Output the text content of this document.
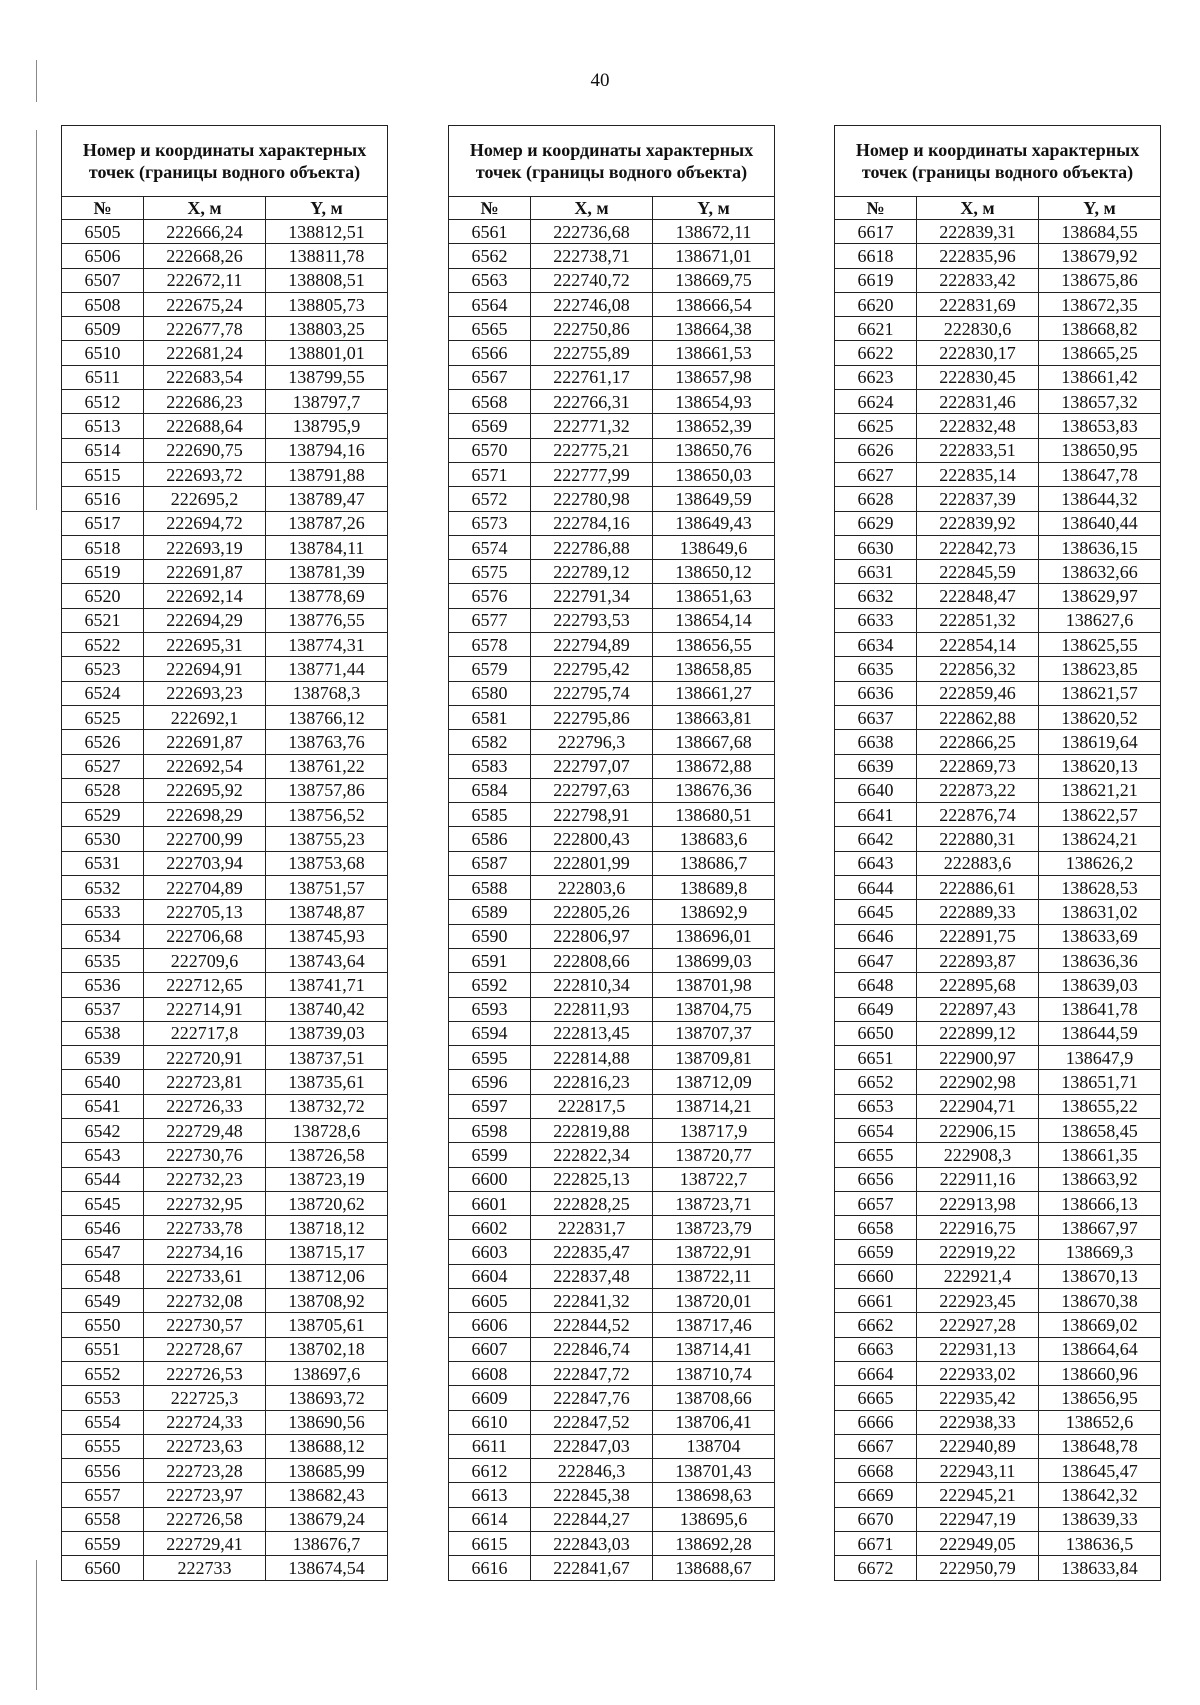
40
Номер и координаты характерных точек (границы водного объекта)		
№	X, м	Y, м
6505	222666,24	138812,51
6506	222668,26	138811,78
6507	222672,11	138808,51
6508	222675,24	138805,73
6509	222677,78	138803,25
6510	222681,24	138801,01
6511	222683,54	138799,55
6512	222686,23	138797,7
6513	222688,64	138795,9
6514	222690,75	138794,16
6515	222693,72	138791,88
6516	222695,2	138789,47
6517	222694,72	138787,26
6518	222693,19	138784,11
6519	222691,87	138781,39
6520	222692,14	138778,69
6521	222694,29	138776,55
6522	222695,31	138774,31
6523	222694,91	138771,44
6524	222693,23	138768,3
6525	222692,1	138766,12
6526	222691,87	138763,76
6527	222692,54	138761,22
6528	222695,92	138757,86
6529	222698,29	138756,52
6530	222700,99	138755,23
6531	222703,94	138753,68
6532	222704,89	138751,57
6533	222705,13	138748,87
6534	222706,68	138745,93
6535	222709,6	138743,64
6536	222712,65	138741,71
6537	222714,91	138740,42
6538	222717,8	138739,03
6539	222720,91	138737,51
6540	222723,81	138735,61
6541	222726,33	138732,72
6542	222729,48	138728,6
6543	222730,76	138726,58
6544	222732,23	138723,19
6545	222732,95	138720,62
6546	222733,78	138718,12
6547	222734,16	138715,17
6548	222733,61	138712,06
6549	222732,08	138708,92
6550	222730,57	138705,61
6551	222728,67	138702,18
6552	222726,53	138697,6
6553	222725,3	138693,72
6554	222724,33	138690,56
6555	222723,63	138688,12
6556	222723,28	138685,99
6557	222723,97	138682,43
6558	222726,58	138679,24
6559	222729,41	138676,7
6560	222733	138674,54
Номер и координаты характерных точек (границы водного объекта)		
№	X, м	Y, м
6561	222736,68	138672,11
6562	222738,71	138671,01
6563	222740,72	138669,75
6564	222746,08	138666,54
6565	222750,86	138664,38
6566	222755,89	138661,53
6567	222761,17	138657,98
6568	222766,31	138654,93
6569	222771,32	138652,39
6570	222775,21	138650,76
6571	222777,99	138650,03
6572	222780,98	138649,59
6573	222784,16	138649,43
6574	222786,88	138649,6
6575	222789,12	138650,12
6576	222791,34	138651,63
6577	222793,53	138654,14
6578	222794,89	138656,55
6579	222795,42	138658,85
6580	222795,74	138661,27
6581	222795,86	138663,81
6582	222796,3	138667,68
6583	222797,07	138672,88
6584	222797,63	138676,36
6585	222798,91	138680,51
6586	222800,43	138683,6
6587	222801,99	138686,7
6588	222803,6	138689,8
6589	222805,26	138692,9
6590	222806,97	138696,01
6591	222808,66	138699,03
6592	222810,34	138701,98
6593	222811,93	138704,75
6594	222813,45	138707,37
6595	222814,88	138709,81
6596	222816,23	138712,09
6597	222817,5	138714,21
6598	222819,88	138717,9
6599	222822,34	138720,77
6600	222825,13	138722,7
6601	222828,25	138723,71
6602	222831,7	138723,79
6603	222835,47	138722,91
6604	222837,48	138722,11
6605	222841,32	138720,01
6606	222844,52	138717,46
6607	222846,74	138714,41
6608	222847,72	138710,74
6609	222847,76	138708,66
6610	222847,52	138706,41
6611	222847,03	138704
6612	222846,3	138701,43
6613	222845,38	138698,63
6614	222844,27	138695,6
6615	222843,03	138692,28
6616	222841,67	138688,67
Номер и координаты характерных точек (границы водного объекта)		
№	X, м	Y, м
6617	222839,31	138684,55
6618	222835,96	138679,92
6619	222833,42	138675,86
6620	222831,69	138672,35
6621	222830,6	138668,82
6622	222830,17	138665,25
6623	222830,45	138661,42
6624	222831,46	138657,32
6625	222832,48	138653,83
6626	222833,51	138650,95
6627	222835,14	138647,78
6628	222837,39	138644,32
6629	222839,92	138640,44
6630	222842,73	138636,15
6631	222845,59	138632,66
6632	222848,47	138629,97
6633	222851,32	138627,6
6634	222854,14	138625,55
6635	222856,32	138623,85
6636	222859,46	138621,57
6637	222862,88	138620,52
6638	222866,25	138619,64
6639	222869,73	138620,13
6640	222873,22	138621,21
6641	222876,74	138622,57
6642	222880,31	138624,21
6643	222883,6	138626,2
6644	222886,61	138628,53
6645	222889,33	138631,02
6646	222891,75	138633,69
6647	222893,87	138636,36
6648	222895,68	138639,03
6649	222897,43	138641,78
6650	222899,12	138644,59
6651	222900,97	138647,9
6652	222902,98	138651,71
6653	222904,71	138655,22
6654	222906,15	138658,45
6655	222908,3	138661,35
6656	222911,16	138663,92
6657	222913,98	138666,13
6658	222916,75	138667,97
6659	222919,22	138669,3
6660	222921,4	138670,13
6661	222923,45	138670,38
6662	222927,28	138669,02
6663	222931,13	138664,64
6664	222933,02	138660,96
6665	222935,42	138656,95
6666	222938,33	138652,6
6667	222940,89	138648,78
6668	222943,11	138645,47
6669	222945,21	138642,32
6670	222947,19	138639,33
6671	222949,05	138636,5
6672	222950,79	138633,84
